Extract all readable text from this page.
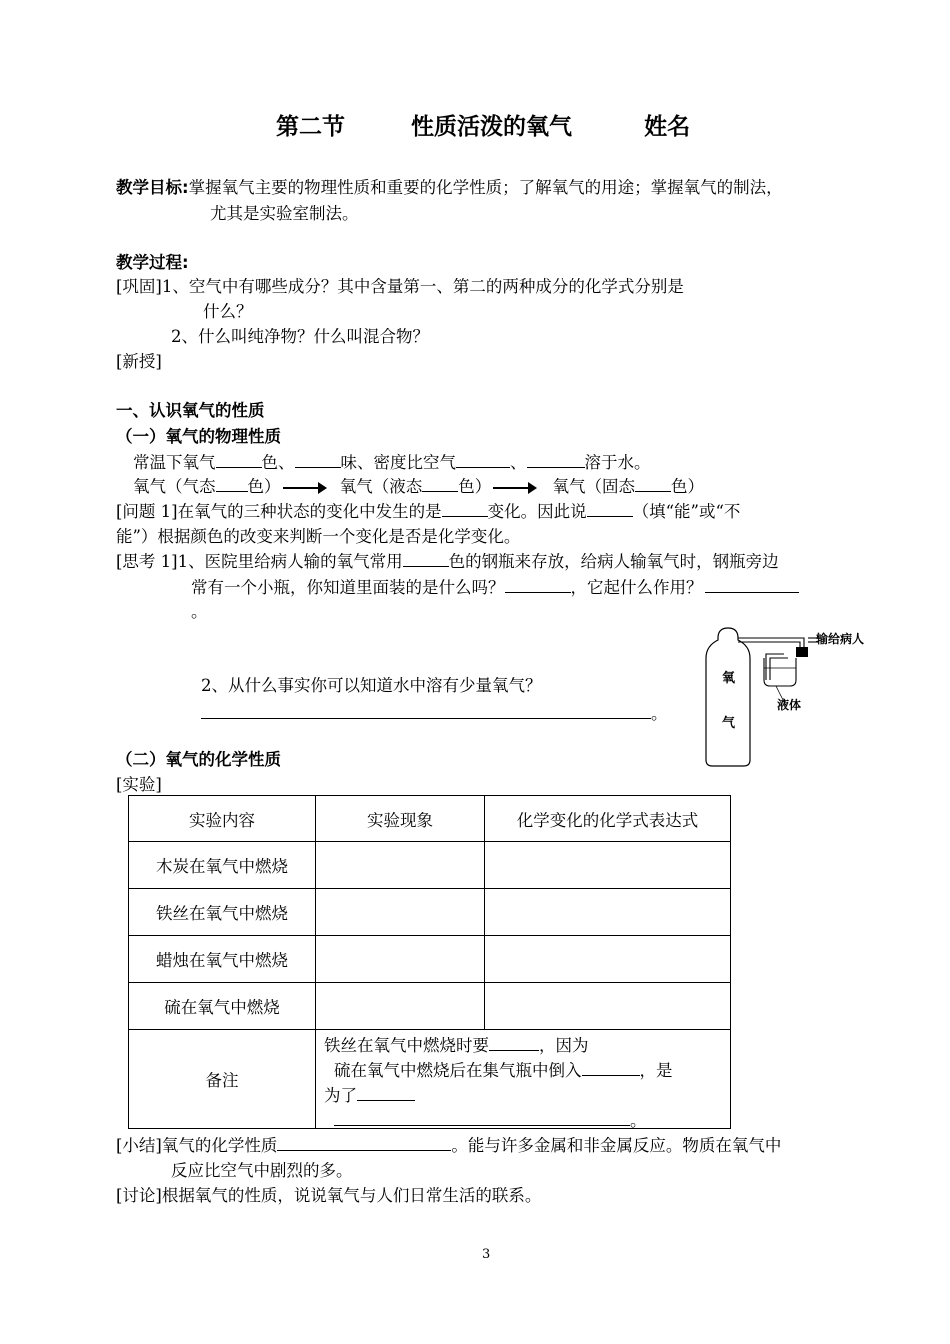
第二节	性质活泼的氧气	姓名
教学目标:掌握氧气主要的物理性质和重要的化学性质；了解氧气的用途；掌握氧气的制法，
尤其是实验室制法。
教学过程:
[巩固]1、空气中有哪些成分？其中含量第一、第二的两种成分的化学式分别是
什么？
2、什么叫纯净物？什么叫混合物？
[新授]
一、认识氧气的性质
（一）氧气的物理性质
常温下氧气	色、	味、密度比空气	、	溶于水。
氧气（气态 色）	氧气（液态 色）	氧气（固态 色）
[问题 1]在氧气的三种状态的变化中发生的是	变化。因此说	（填“能”或“不
能”）根据颜色的改变来判断一个变化是否是化学变化。
[思考 1]1、医院里给病人输的氧气常用	色的钢瓶来存放，给病人输氧气时，钢瓶旁边
常有一个小瓶，你知道里面装的是什么吗？	，它起什么作用？
。
2、从什么事实你可以知道水中溶有少量氧气？
。
输给病人
液体
氧
气
（二）氧气的化学性质
[实验]
实验内容	实验现象	化学变化的化学式表达式
木炭在氧气中燃烧		
铁丝在氧气中燃烧		
蜡烛在氧气中燃烧		
硫在氧气中燃烧		
备注	铁丝在氧气中燃烧时要 ，因为
硫在氧气中燃烧后在集气瓶中倒入 ，是
为了
。	
[小结]氧气的化学性质	。能与许多金属和非金属反应。物质在氧气中
反应比空气中剧烈的多。
[讨论]根据氧气的性质，说说氧气与人们日常生活的联系。
3
